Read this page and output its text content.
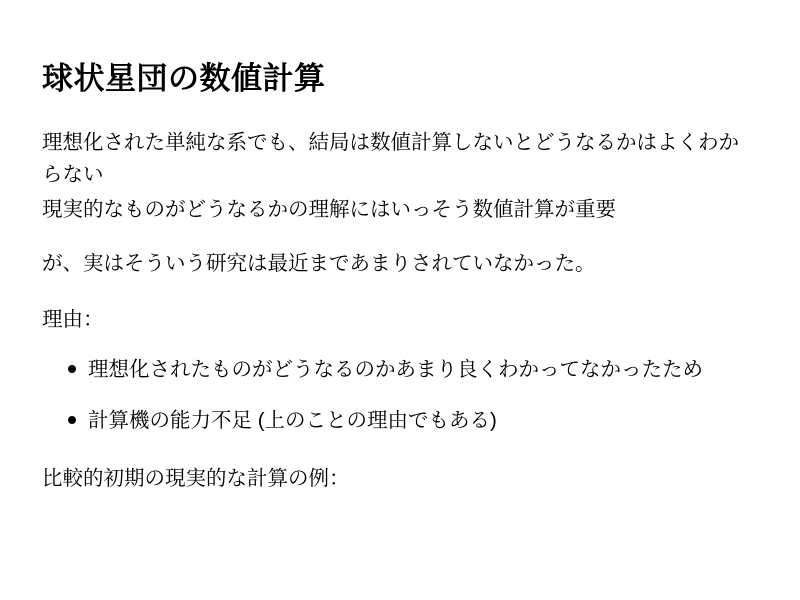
球状星団の数値計算

理想化された単純な系でも、結局は数値計算しないとどうなるかはよくわからない

現実的なものがどうなるかの理解にはいっそう数値計算が重要

が、実はそういう研究は最近まであまりされていなかった。

理由：

理想化されたものがどうなるのかあまり良くわかってなかったため
計算機の能力不足 (上のことの理由でもある)

比較的初期の現実的な計算の例：
